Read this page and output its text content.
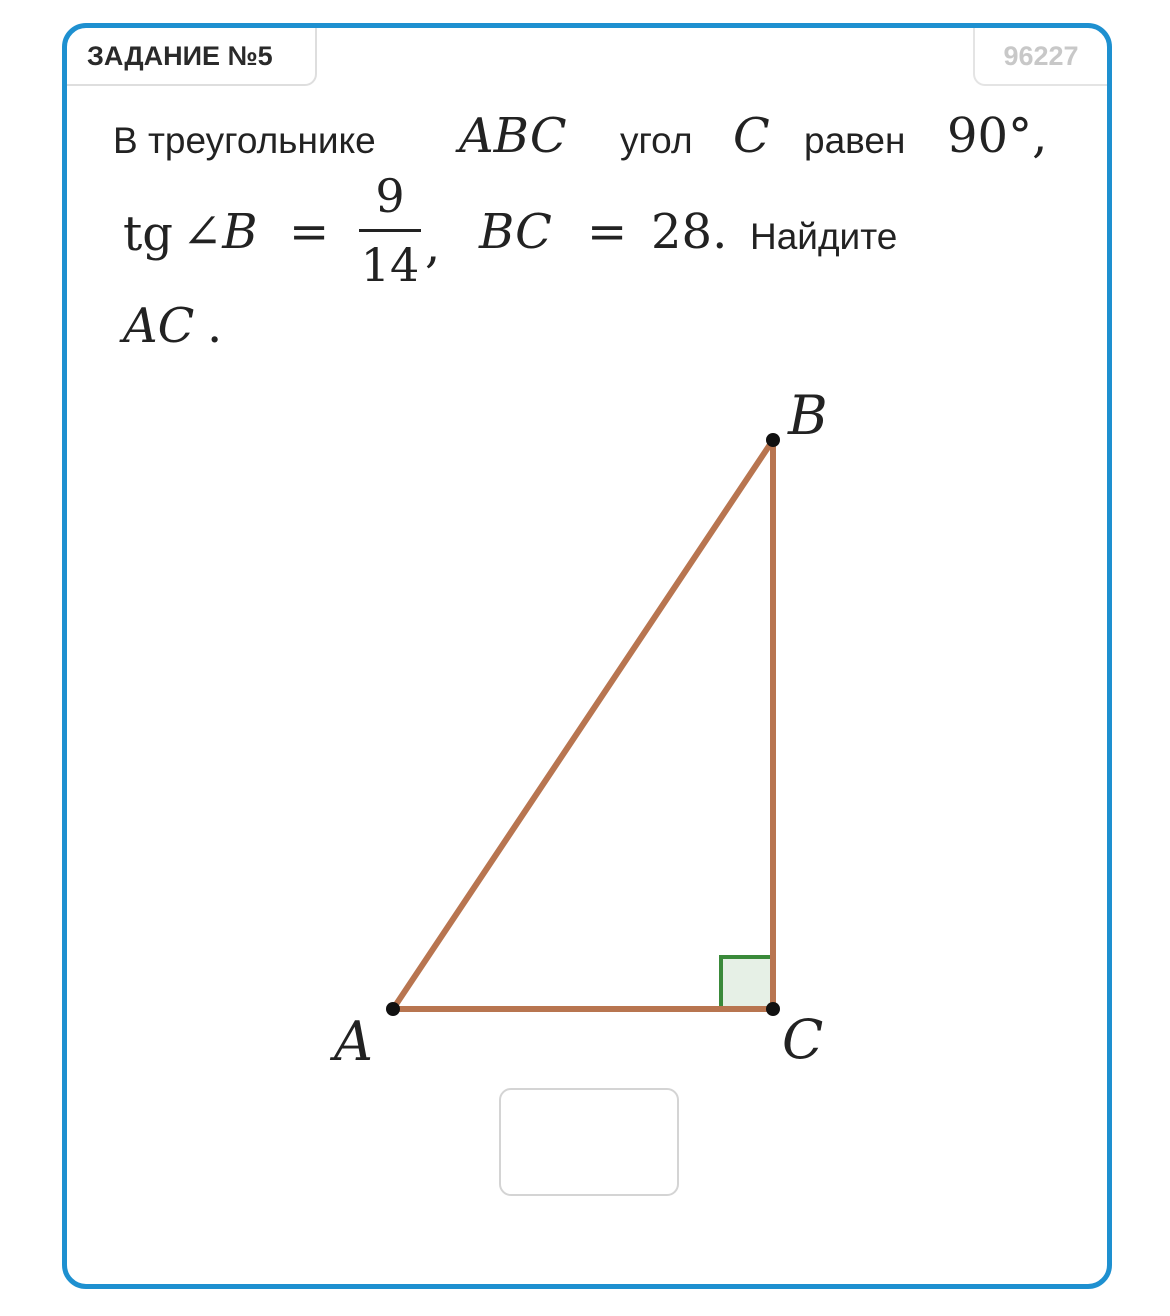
ЗАДАНИЕ №5	96227
В треугольнике ABC угол C равен 90°,
tg ∠B =
9
14 , BC = 28. Найдите
AC .
A
B
C
